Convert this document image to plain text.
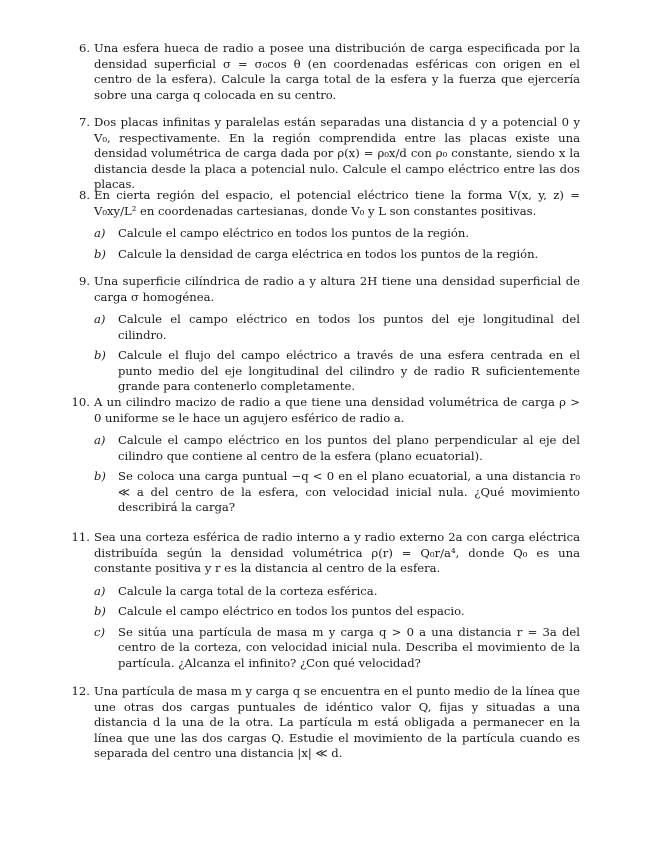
6. Una esfera hueca de radio a posee una distribución de carga especificada por la densidad superficial σ = σ₀cos θ (en coordenadas esféricas con origen en el centro de la esfera). Calcule la carga total de la esfera y la fuerza que ejercería sobre una carga q colocada en su centro.
7. Dos placas infinitas y paralelas están separadas una distancia d y a potencial 0 y V₀, respectivamente. En la región comprendida entre las placas existe una densidad volumétrica de carga dada por ρ(x) = ρ₀x/d con ρ₀ constante, siendo x la distancia desde la placa a potencial nulo. Calcule el campo eléctrico entre las dos placas.
8. En cierta región del espacio, el potencial eléctrico tiene la forma V(x, y, z) = V₀xy/L² en coordenadas cartesianas, donde V₀ y L son constantes positivas.
a)	Calcule el campo eléctrico en todos los puntos de la región.
b)	Calcule la densidad de carga eléctrica en todos los puntos de la región.
9. Una superficie cilíndrica de radio a y altura 2H tiene una densidad superficial de carga σ homogénea.
a)	Calcule el campo eléctrico en todos los puntos del eje longitudinal del cilindro.
b)	Calcule el flujo del campo eléctrico a través de una esfera centrada en el punto medio del eje longitudinal del cilindro y de radio R suficientemente grande para contenerlo completamente.
10. A un cilindro macizo de radio a que tiene una densidad volumétrica de carga ρ > 0 uniforme se le hace un agujero esférico de radio a.
a)	Calcule el campo eléctrico en los puntos del plano perpendicular al eje del cilindro que contiene al centro de la esfera (plano ecuatorial).
b)	Se coloca una carga puntual −q < 0 en el plano ecuatorial, a una distancia r₀ ≪ a del centro de la esfera, con velocidad inicial nula. ¿Qué movimiento describirá la carga?
11. Sea una corteza esférica de radio interno a y radio externo 2a con carga eléctrica distribuída según la densidad volumétrica ρ(r) = Q₀r/a⁴, donde Q₀ es una constante positiva y r es la distancia al centro de la esfera.
a)	Calcule la carga total de la corteza esférica.
b)	Calcule el campo eléctrico en todos los puntos del espacio.
c)	Se sitúa una partícula de masa m y carga q > 0 a una distancia r = 3a del centro de la corteza, con velocidad inicial nula. Describa el movimiento de la partícula. ¿Alcanza el infinito? ¿Con qué velocidad?
12. Una partícula de masa m y carga q se encuentra en el punto medio de la línea que une otras dos cargas puntuales de idéntico valor Q, fijas y situadas a una distancia d la una de la otra. La partícula m está obligada a permanecer en la línea que une las dos cargas Q. Estudie el movimiento de la partícula cuando es separada del centro una distancia |x| ≪ d.
